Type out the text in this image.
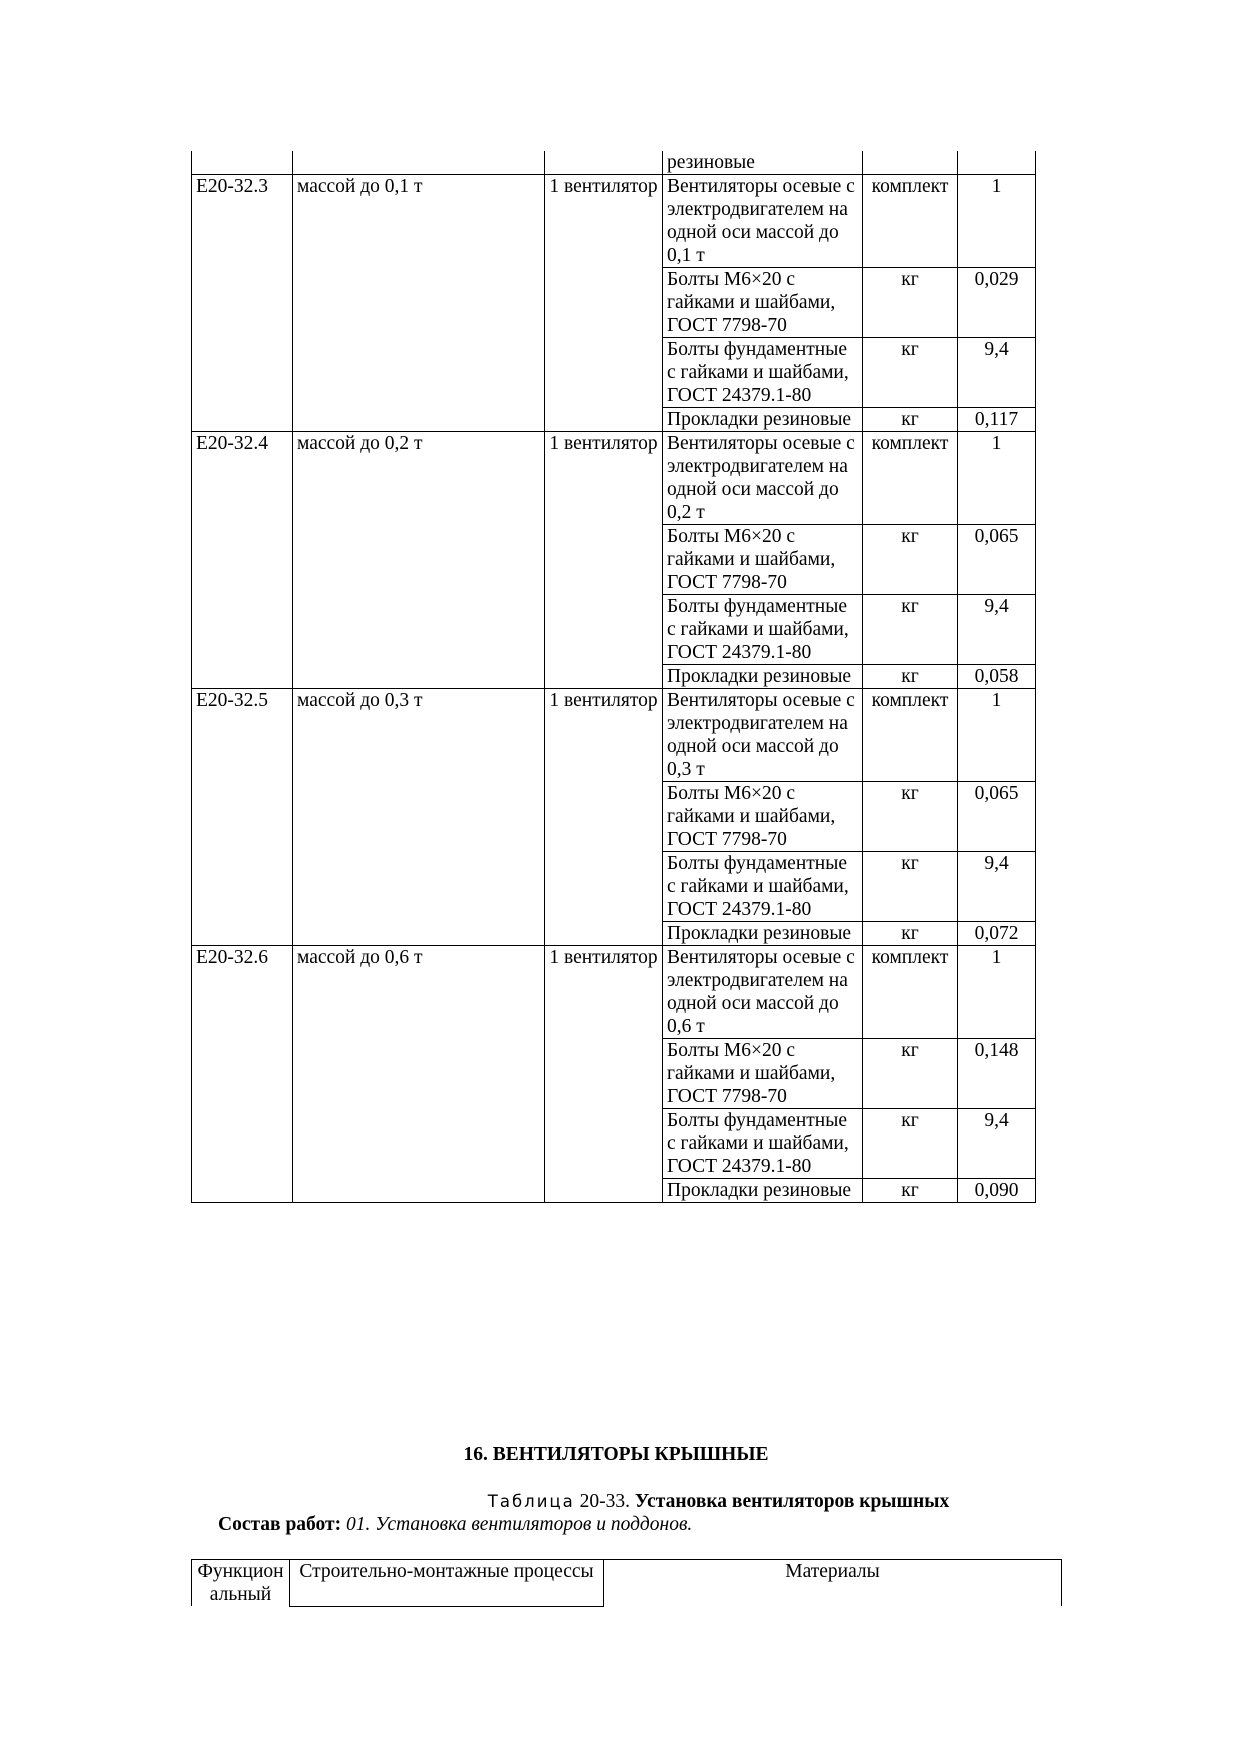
			резиновые		
Е20-32.3	массой до 0,1 т	1 вентилятор	Вентиляторы осевые с электродвигателем на одной оси массой до 0,1 т	комплект	1
			Болты М6×20 с гайками и шайбами, ГОСТ 7798-70	кг	0,029
			Болты фундаментные с гайками и шайбами, ГОСТ 24379.1-80	кг	9,4
			Прокладки резиновые	кг	0,117
Е20-32.4	массой до 0,2 т	1 вентилятор	Вентиляторы осевые с электродвигателем на одной оси массой до 0,2 т	комплект	1
			Болты М6×20 с гайками и шайбами, ГОСТ 7798-70	кг	0,065
			Болты фундаментные с гайками и шайбами, ГОСТ 24379.1-80	кг	9,4
			Прокладки резиновые	кг	0,058
Е20-32.5	массой до 0,3 т	1 вентилятор	Вентиляторы осевые с электродвигателем на одной оси массой до 0,3 т	комплект	1
			Болты М6×20 с гайками и шайбами, ГОСТ 7798-70	кг	0,065
			Болты фундаментные с гайками и шайбами, ГОСТ 24379.1-80	кг	9,4
			Прокладки резиновые	кг	0,072
Е20-32.6	массой до 0,6 т	1 вентилятор	Вентиляторы осевые с электродвигателем на одной оси массой до 0,6 т	комплект	1
			Болты М6×20 с гайками и шайбами, ГОСТ 7798-70	кг	0,148
			Болты фундаментные с гайками и шайбами, ГОСТ 24379.1-80	кг	9,4
			Прокладки резиновые	кг	0,090
16. ВЕНТИЛЯТОРЫ КРЫШНЫЕ
Таблица 20-33. Установка вентиляторов крышных
Состав работ: 01. Установка вентиляторов и поддонов.
Функцион альный	Строительно-монтажные процессы	Материалы
